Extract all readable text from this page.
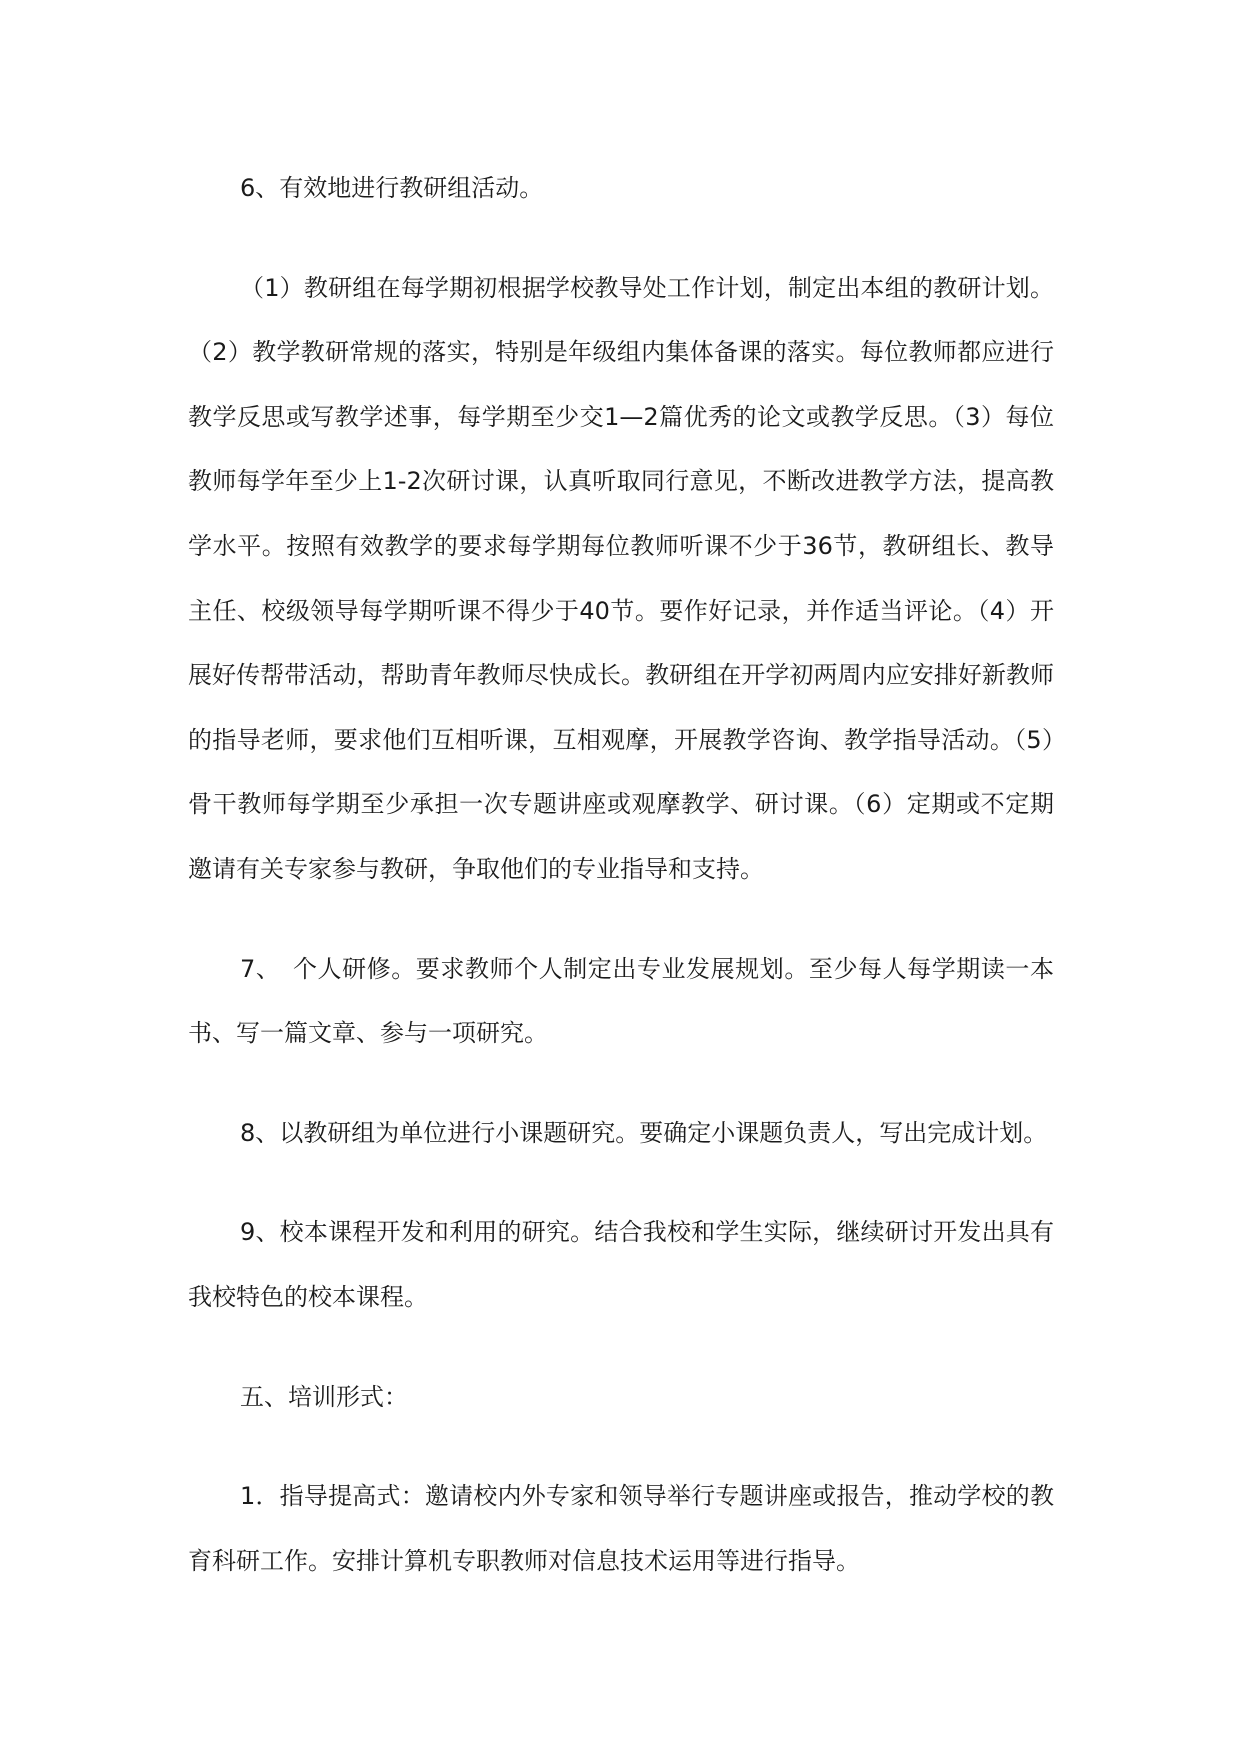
6、有效地进行教研组活动。

（1）教研组在每学期初根据学校教导处工作计划，制定出本组的教研计划。（2）教学教研常规的落实，特别是年级组内集体备课的落实。每位教师都应进行教学反思或写教学述事，每学期至少交1—2篇优秀的论文或教学反思。（3）每位教师每学年至少上1-2次研讨课，认真听取同行意见，不断改进教学方法，提高教学水平。按照有效教学的要求每学期每位教师听课不少于36节，教研组长、教导主任、校级领导每学期听课不得少于40节。要作好记录，并作适当评论。（4）开展好传帮带活动，帮助青年教师尽快成长。教研组在开学初两周内应安排好新教师的指导老师，要求他们互相听课，互相观摩，开展教学咨询、教学指导活动。（5）骨干教师每学期至少承担一次专题讲座或观摩教学、研讨课。（6）定期或不定期邀请有关专家参与教研，争取他们的专业指导和支持。

7、　个人研修。要求教师个人制定出专业发展规划。至少每人每学期读一本书、写一篇文章、参与一项研究。

8、以教研组为单位进行小课题研究。要确定小课题负责人，写出完成计划。

9、校本课程开发和利用的研究。结合我校和学生实际，继续研讨开发出具有我校特色的校本课程。

五、培训形式：

1．指导提高式：邀请校内外专家和领导举行专题讲座或报告，推动学校的教育科研工作。安排计算机专职教师对信息技术运用等进行指导。
